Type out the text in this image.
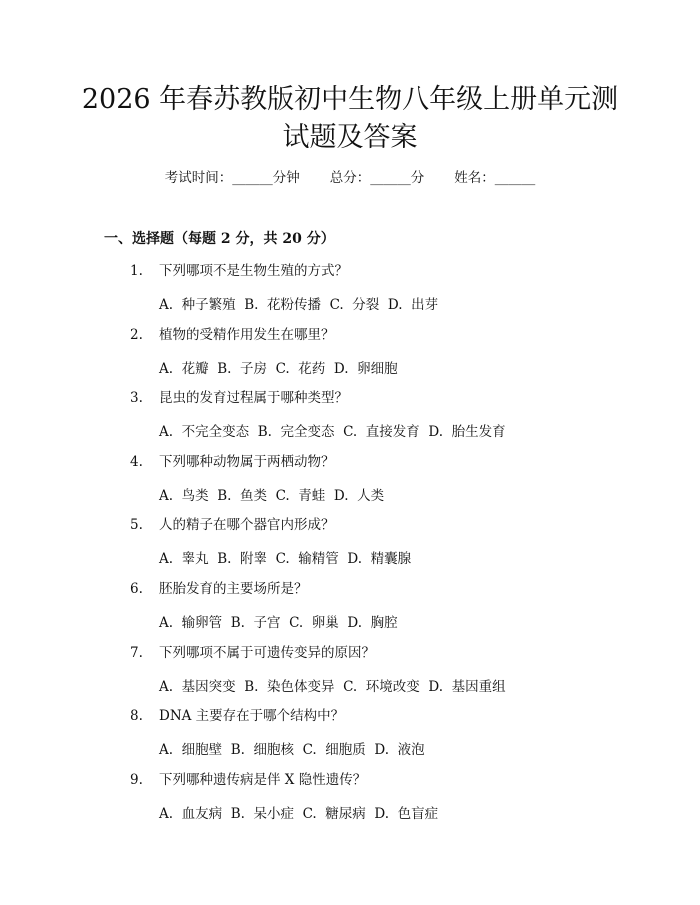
2026 年春苏教版初中生物八年级上册单元测
试题及答案
考试时间：______分钟 总分：______分 姓名：______
一、选择题（每题 2 分，共 20 分）
1. 下列哪项不是生物生殖的方式？
A.  种子繁殖  B.  花粉传播  C.  分裂  D.  出芽
2. 植物的受精作用发生在哪里？
A.  花瓣  B.  子房  C.  花药  D.  卵细胞
3. 昆虫的发育过程属于哪种类型？
A.  不完全变态  B.  完全变态  C.  直接发育  D.  胎生发育
4. 下列哪种动物属于两栖动物？
A.  鸟类  B.  鱼类  C.  青蛙  D.  人类
5. 人的精子在哪个器官内形成？
A.  睾丸  B.  附睾  C.  输精管  D.  精囊腺
6. 胚胎发育的主要场所是？
A.  输卵管  B.  子宫  C.  卵巢  D.  胸腔
7. 下列哪项不属于可遗传变异的原因？
A.  基因突变  B.  染色体变异  C.  环境改变  D.  基因重组
8. DNA 主要存在于哪个结构中？
A.  细胞壁  B.  细胞核  C.  细胞质  D.  液泡
9. 下列哪种遗传病是伴 X 隐性遗传？
A.  血友病  B.  呆小症  C.  糖尿病  D.  色盲症
